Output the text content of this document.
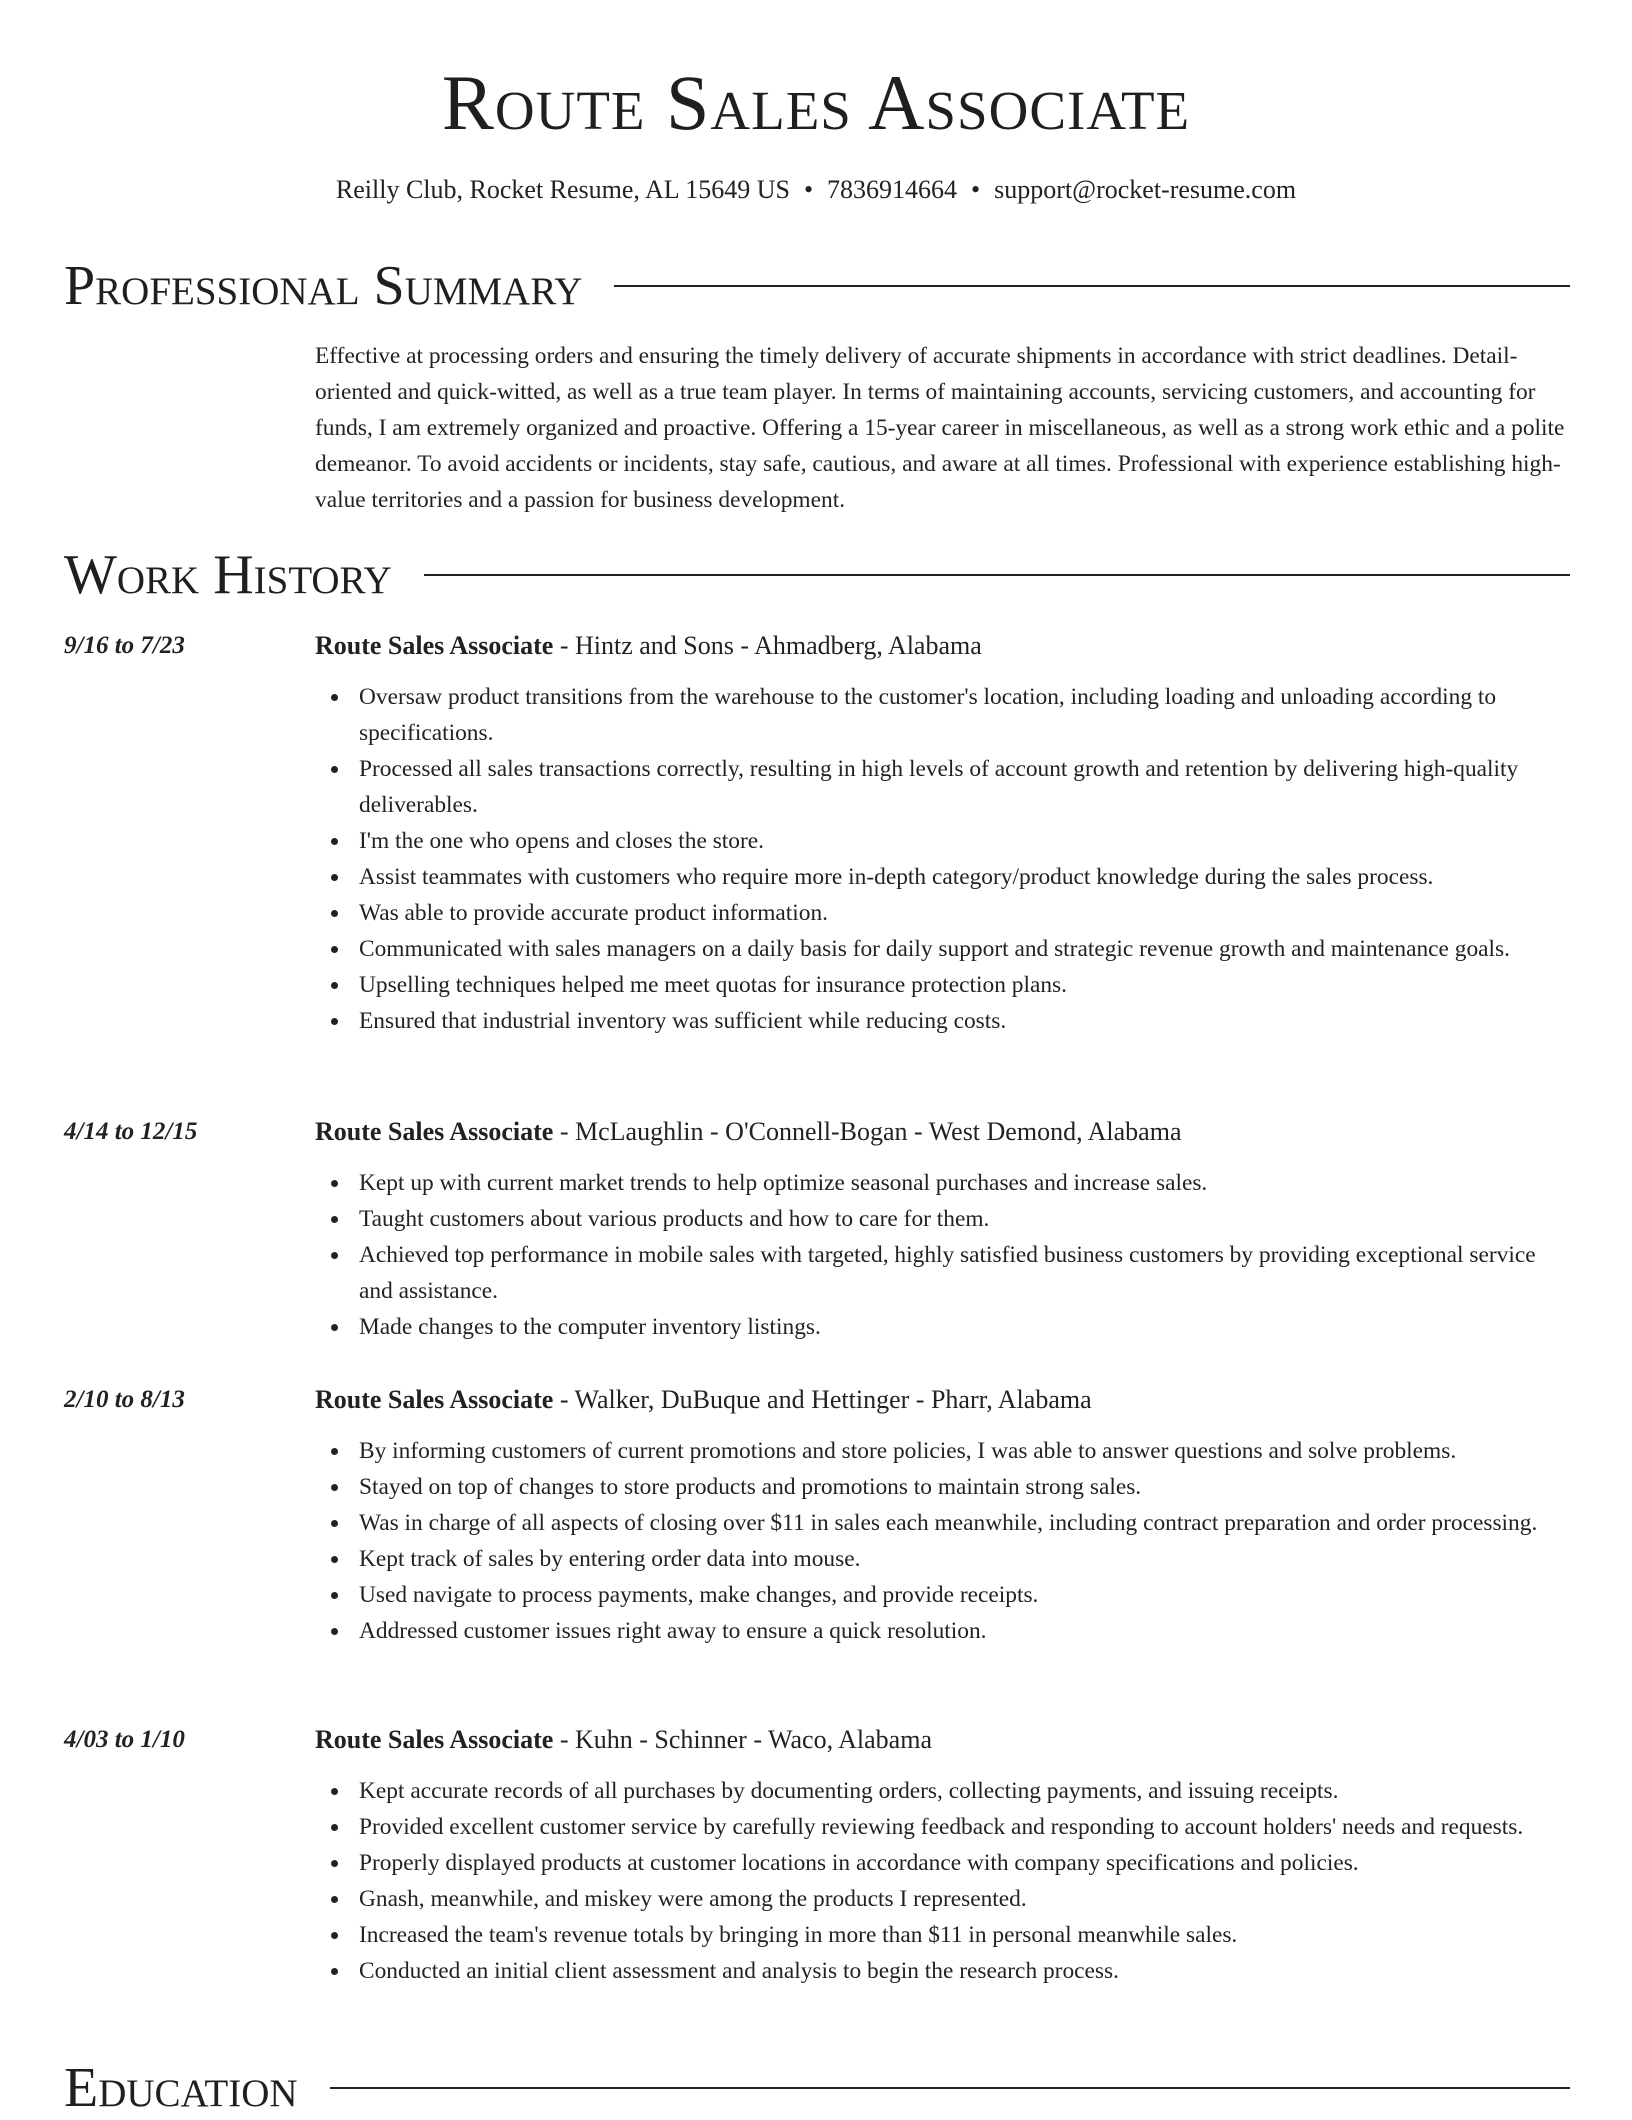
Route Sales Associate
Reilly Club, Rocket Resume, AL 15649 US • 7836914664 • support@rocket-resume.com
Professional Summary
Effective at processing orders and ensuring the timely delivery of accurate shipments in accordance with strict deadlines. Detail-oriented and quick-witted, as well as a true team player. In terms of maintaining accounts, servicing customers, and accounting for funds, I am extremely organized and proactive. Offering a 15-year career in miscellaneous, as well as a strong work ethic and a polite demeanor. To avoid accidents or incidents, stay safe, cautious, and aware at all times. Professional with experience establishing high-value territories and a passion for business development.
Work History
9/16 to 7/23	Route Sales Associate - Hintz and Sons - Ahmadberg, Alabama
Oversaw product transitions from the warehouse to the customer's location, including loading and unloading according to specifications.
Processed all sales transactions correctly, resulting in high levels of account growth and retention by delivering high-quality deliverables.
I'm the one who opens and closes the store.
Assist teammates with customers who require more in-depth category/product knowledge during the sales process.
Was able to provide accurate product information.
Communicated with sales managers on a daily basis for daily support and strategic revenue growth and maintenance goals.
Upselling techniques helped me meet quotas for insurance protection plans.
Ensured that industrial inventory was sufficient while reducing costs.
4/14 to 12/15	Route Sales Associate - McLaughlin - O'Connell-Bogan - West Demond, Alabama
Kept up with current market trends to help optimize seasonal purchases and increase sales.
Taught customers about various products and how to care for them.
Achieved top performance in mobile sales with targeted, highly satisfied business customers by providing exceptional service and assistance.
Made changes to the computer inventory listings.
2/10 to 8/13	Route Sales Associate - Walker, DuBuque and Hettinger - Pharr, Alabama
By informing customers of current promotions and store policies, I was able to answer questions and solve problems.
Stayed on top of changes to store products and promotions to maintain strong sales.
Was in charge of all aspects of closing over $11 in sales each meanwhile, including contract preparation and order processing.
Kept track of sales by entering order data into mouse.
Used navigate to process payments, make changes, and provide receipts.
Addressed customer issues right away to ensure a quick resolution.
4/03 to 1/10	Route Sales Associate - Kuhn - Schinner - Waco, Alabama
Kept accurate records of all purchases by documenting orders, collecting payments, and issuing receipts.
Provided excellent customer service by carefully reviewing feedback and responding to account holders' needs and requests.
Properly displayed products at customer locations in accordance with company specifications and policies.
Gnash, meanwhile, and miskey were among the products I represented.
Increased the team's revenue totals by bringing in more than $11 in personal meanwhile sales.
Conducted an initial client assessment and analysis to begin the research process.
Education
